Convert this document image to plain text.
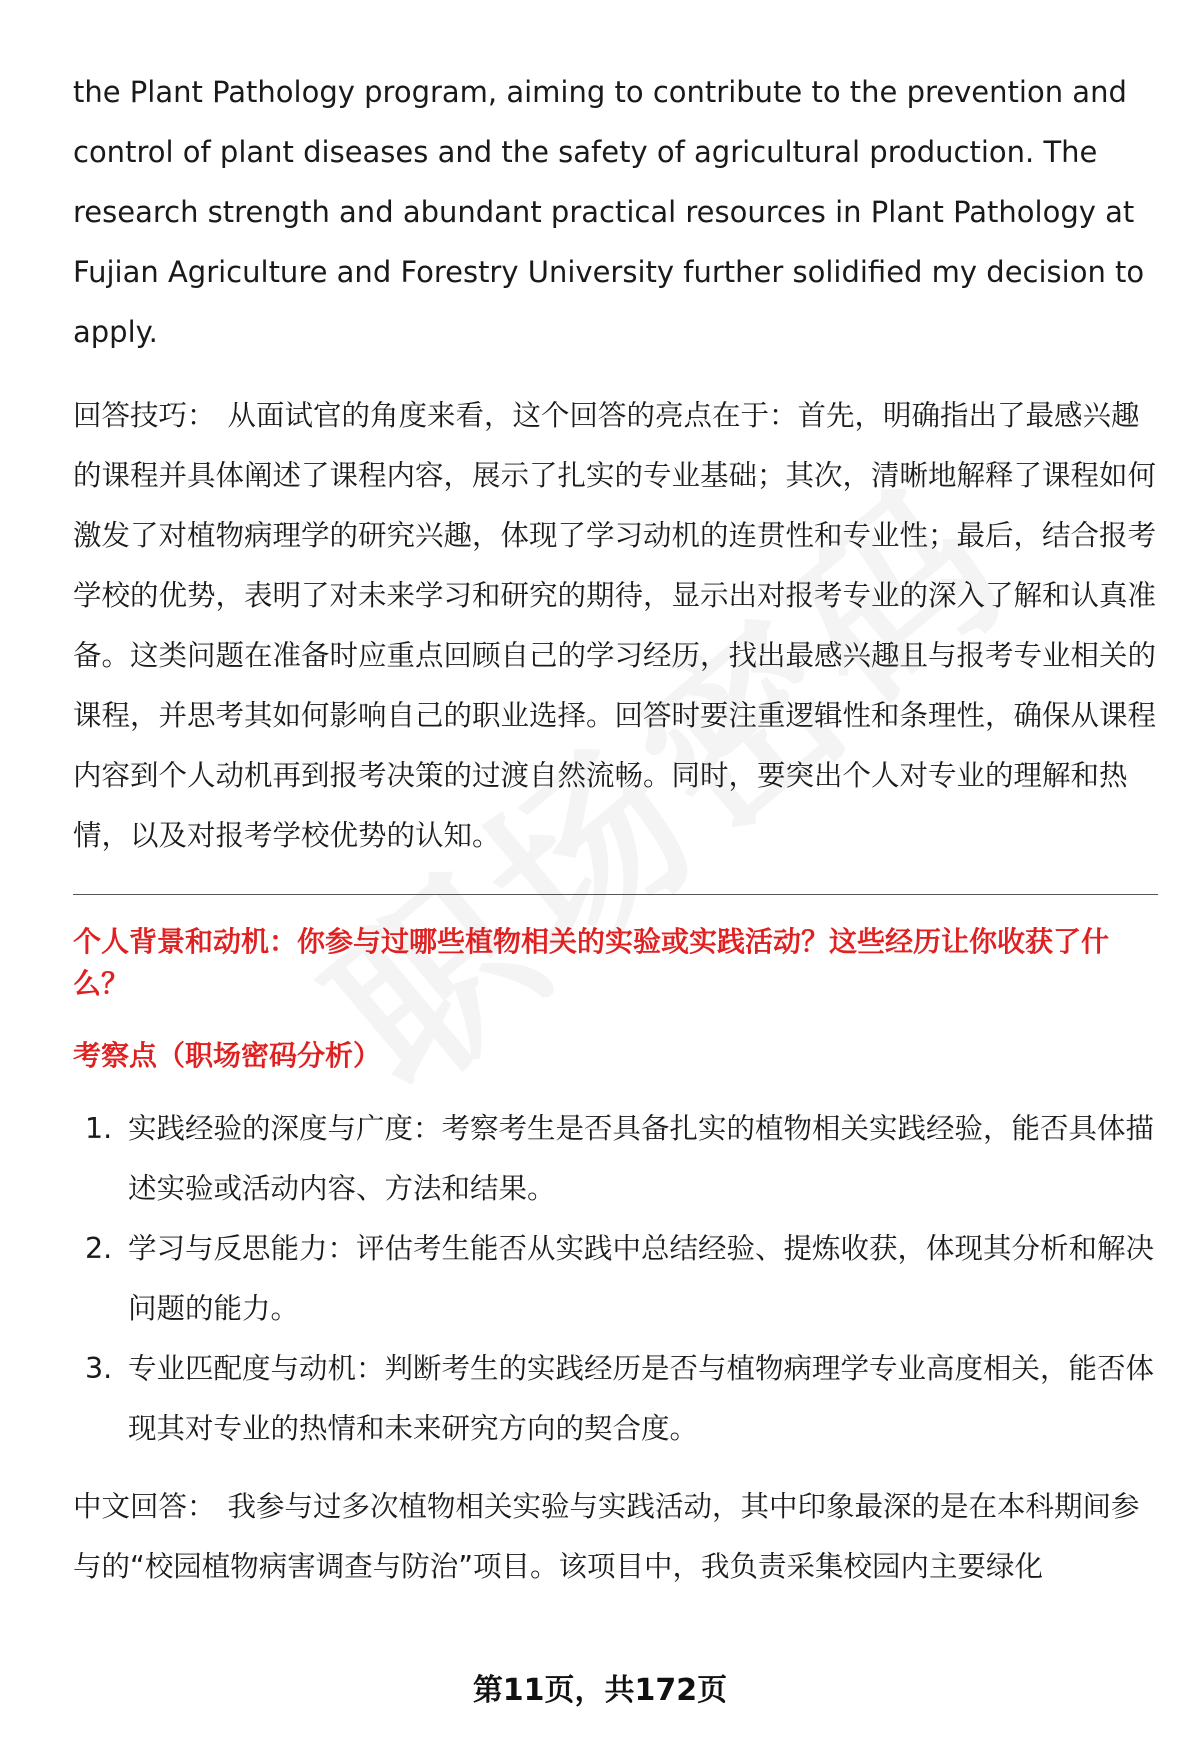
the Plant Pathology program, aiming to contribute to the prevention and control of plant diseases and the safety of agricultural production. The research strength and abundant practical resources in Plant Pathology at Fujian Agriculture and Forestry University further solidified my decision to apply.

回答技巧： 从面试官的角度来看，这个回答的亮点在于：首先，明确指出了最感兴趣的课程并具体阐述了课程内容，展示了扎实的专业基础；其次，清晰地解释了课程如何激发了对植物病理学的研究兴趣，体现了学习动机的连贯性和专业性；最后，结合报考学校的优势，表明了对未来学习和研究的期待，显示出对报考专业的深入了解和认真准备。这类问题在准备时应重点回顾自己的学习经历，找出最感兴趣且与报考专业相关的课程，并思考其如何影响自己的职业选择。回答时要注重逻辑性和条理性，确保从课程内容到个人动机再到报考决策的过渡自然流畅。同时，要突出个人对专业的理解和热情，以及对报考学校优势的认知。
个人背景和动机：你参与过哪些植物相关的实验或实践活动？这些经历让你收获了什么？
考察点（职场密码分析）
1. 实践经验的深度与广度：考察考生是否具备扎实的植物相关实践经验，能否具体描述实验或活动内容、方法和结果。
2. 学习与反思能力：评估考生能否从实践中总结经验、提炼收获，体现其分析和解决问题的能力。
3. 专业匹配度与动机：判断考生的实践经历是否与植物病理学专业高度相关，能否体现其对专业的热情和未来研究方向的契合度。
中文回答： 我参与过多次植物相关实验与实践活动，其中印象最深的是在本科期间参与的“校园植物病害调查与防治”项目。该项目中，我负责采集校园内主要绿化
第11页，共172页
